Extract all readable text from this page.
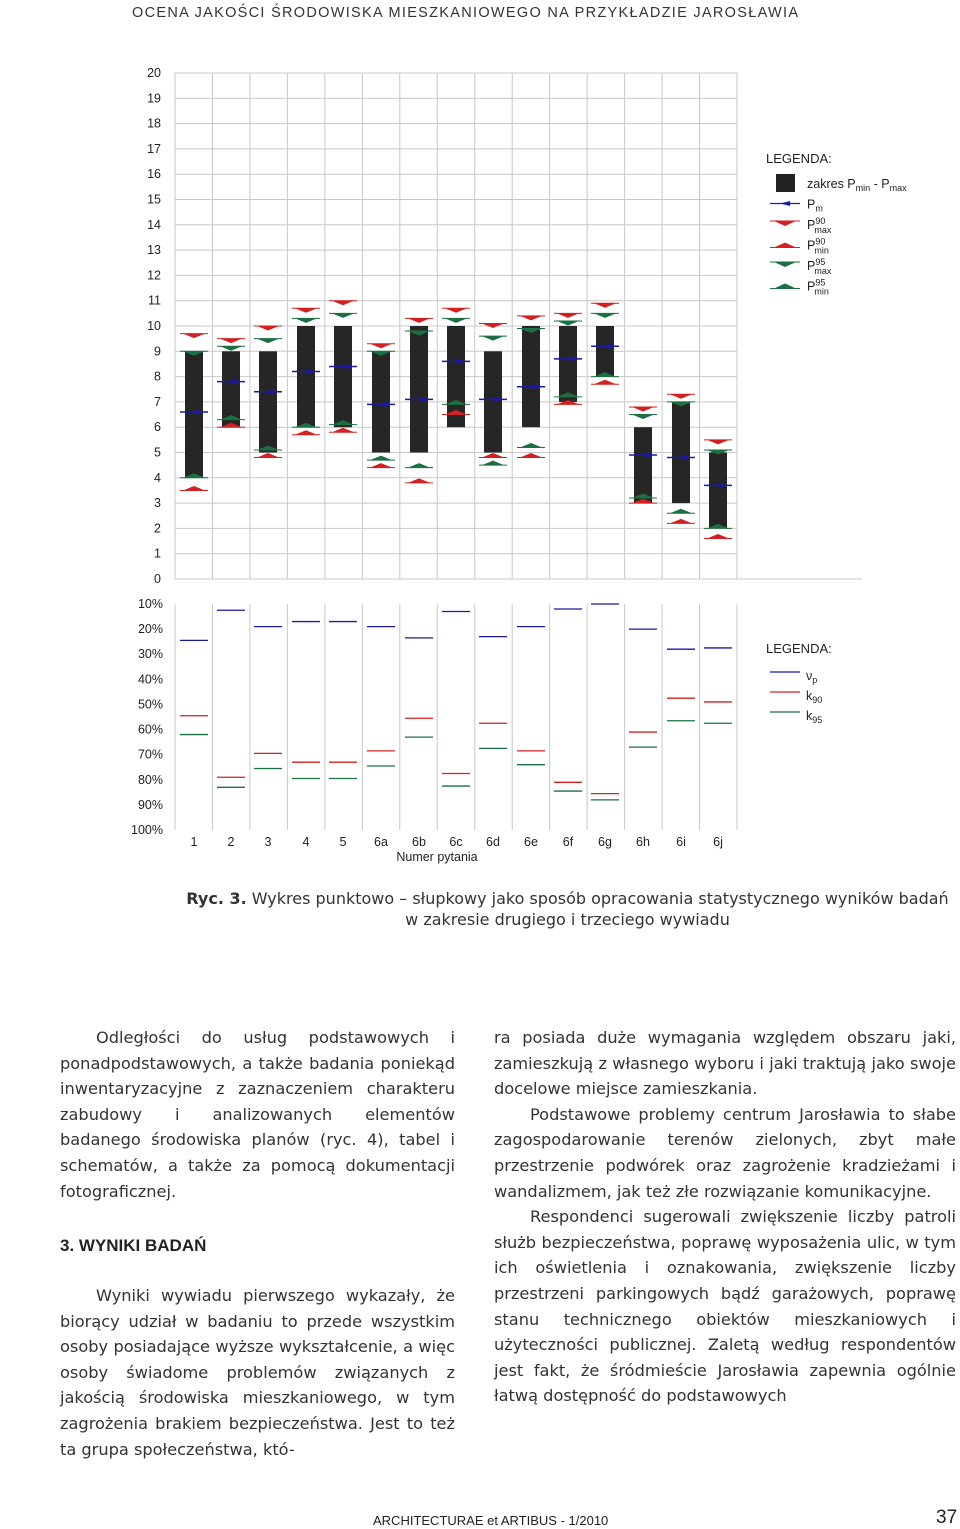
OCENA JAKOŚCI ŚRODOWISKA MIESZKANIOWEGO NA PRZYKŁADZIE JAROSŁAWIA
20
19
18
17
16
15
14
13
12
11
10
9
8
7
6
5
4
3
2
1
0
10%
20%
30%
40%
50%
60%
70%
80%
90%
100%
1 2 3 4 5 6a 6b 6c 6d 6e 6f 6g 6h 6i 6j
Numer pytania
LEGENDA:
zakres $P_{min} - P_{max}$
$P_m$
$P^{90}$ max
$P^{90}$ min
$P^{95}$ max
$P^{95}$ min
LEGENDA:
$\nu_p$
$k_{90}$
$k_{95}$
Ryc. 3. Wykres punktowo – słupkowy jako sposób opracowania statystycznego wyników badań w zakresie drugiego i trzeciego wywiadu

Odległości do usług podstawowych i ponadpodstawowych, a także badania poniekąd inwentaryzacyjne z zaznaczeniem charakteru zabudowy i analizowanych elementów badanego środowiska planów (ryc. 4), tabel i schematów, a także za pomocą dokumentacji fotograficznej.

3. WYNIKI BADAŃ

Wyniki wywiadu pierwszego wykazały, że biorący udział w badaniu to przede wszystkim osoby posiadające wyższe wykształcenie, a więc osoby świadome problemów związanych z jakością środowiska mieszkaniowego, w tym zagrożenia brakiem bezpieczeństwa. Jest to też ta grupa społeczeństwa, któ-

ra posiada duże wymagania względem obszaru jaki, zamieszkują z własnego wyboru i jaki traktują jako swoje docelowe miejsce zamieszkania.

Podstawowe problemy centrum Jarosławia to słabe zagospodarowanie terenów zielonych, zbyt małe przestrzenie podwórek oraz zagrożenie kradzieżami i wandalizmem, jak też złe rozwiązanie komunikacyjne.

Respondenci sugerowali zwiększenie liczby patroli służb bezpieczeństwa, poprawę wyposażenia ulic, w tym ich oświetlenia i oznakowania, zwiększenie liczby przestrzeni parkingowych bądź garażowych, poprawę stanu technicznego obiektów mieszkaniowych i użyteczności publicznej. Zaletą według respondentów jest fakt, że śródmieście Jarosławia zapewnia ogólnie łatwą dostępność do podstawowych

ARCHITECTURAE et ARTIBUS - 1/2010	37
